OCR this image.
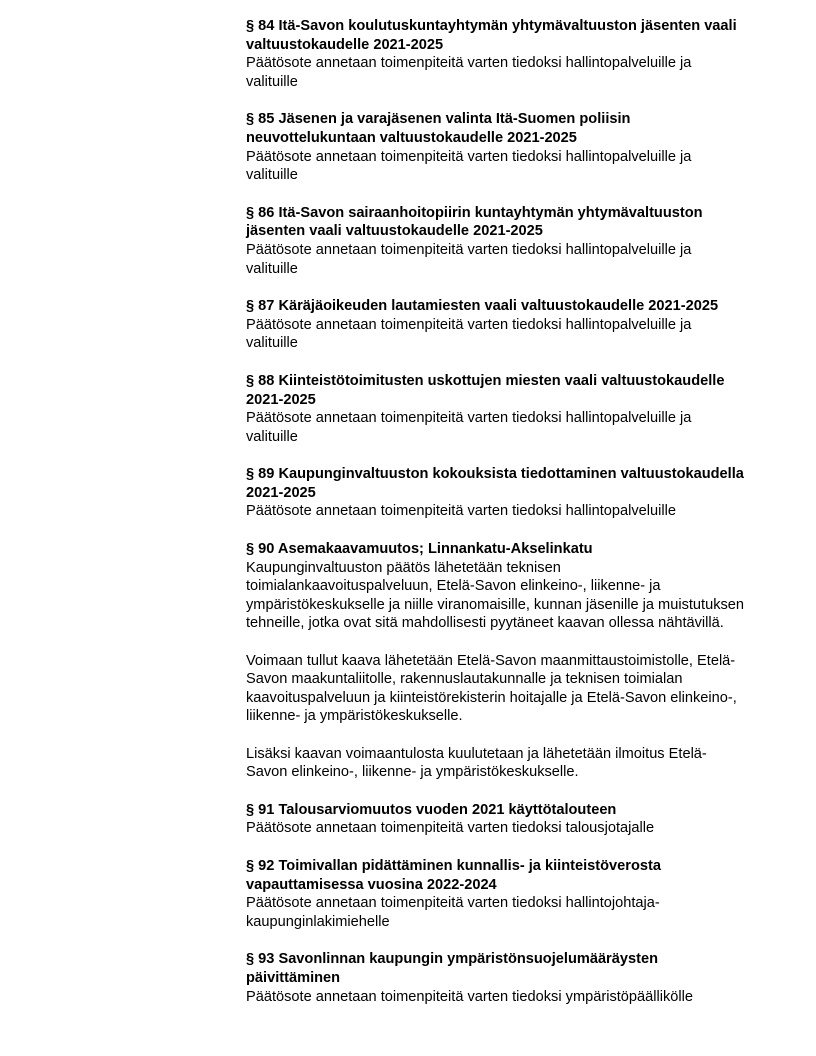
§ 84 Itä-Savon koulutuskuntayhtymän yhtymävaltuuston jäsenten vaali valtuustokaudelle 2021-2025

Päätösote annetaan toimenpiteitä varten tiedoksi hallintopalveluille ja valituille

§ 85 Jäsenen ja varajäsenen valinta Itä-Suomen poliisin neuvottelukuntaan valtuustokaudelle 2021-2025

Päätösote annetaan toimenpiteitä varten tiedoksi hallintopalveluille ja valituille

§ 86 Itä-Savon sairaanhoitopiirin kuntayhtymän yhtymävaltuuston jäsenten vaali valtuustokaudelle 2021-2025

Päätösote annetaan toimenpiteitä varten tiedoksi hallintopalveluille ja valituille

§ 87 Käräjäoikeuden lautamiesten vaali valtuustokaudelle 2021-2025

Päätösote annetaan toimenpiteitä varten tiedoksi hallintopalveluille ja valituille

§ 88 Kiinteistötoimitusten uskottujen miesten vaali valtuustokaudelle 2021-2025

Päätösote annetaan toimenpiteitä varten tiedoksi hallintopalveluille ja valituille

§ 89 Kaupunginvaltuuston kokouksista tiedottaminen valtuustokaudella 2021-2025

Päätösote annetaan toimenpiteitä varten tiedoksi hallintopalveluille

§ 90 Asemakaavamuutos; Linnankatu-Akselinkatu

Kaupunginvaltuuston päätös lähetetään teknisen toimialankaavoituspalveluun, Etelä-Savon elinkeino-, liikenne- ja ympäristökeskukselle ja niille viranomaisille, kunnan jäsenille ja muistutuksen tehneille, jotka ovat sitä mahdollisesti pyytäneet kaavan ollessa nähtävillä.

Voimaan tullut kaava lähetetään Etelä-Savon maanmittaustoimistolle, Etelä-Savon maakuntaliitolle, rakennuslautakunnalle ja teknisen toimialan kaavoituspalveluun ja kiinteistörekisterin hoitajalle ja Etelä-Savon elinkeino-, liikenne- ja ympäristökeskukselle.

Lisäksi kaavan voimaantulosta kuulutetaan ja lähetetään ilmoitus Etelä-Savon elinkeino-, liikenne- ja ympäristökeskukselle.

§ 91 Talousarviomuutos vuoden 2021 käyttötalouteen

Päätösote annetaan toimenpiteitä varten tiedoksi talousjotajalle

§ 92 Toimivallan pidättäminen kunnallis- ja kiinteistöverosta vapauttamisessa vuosina 2022-2024

Päätösote annetaan toimenpiteitä varten tiedoksi hallintojohtaja-kaupunginlakimiehelle

§ 93 Savonlinnan kaupungin ympäristönsuojelumääräysten päivittäminen

Päätösote annetaan toimenpiteitä varten tiedoksi ympäristöpäällikölle
